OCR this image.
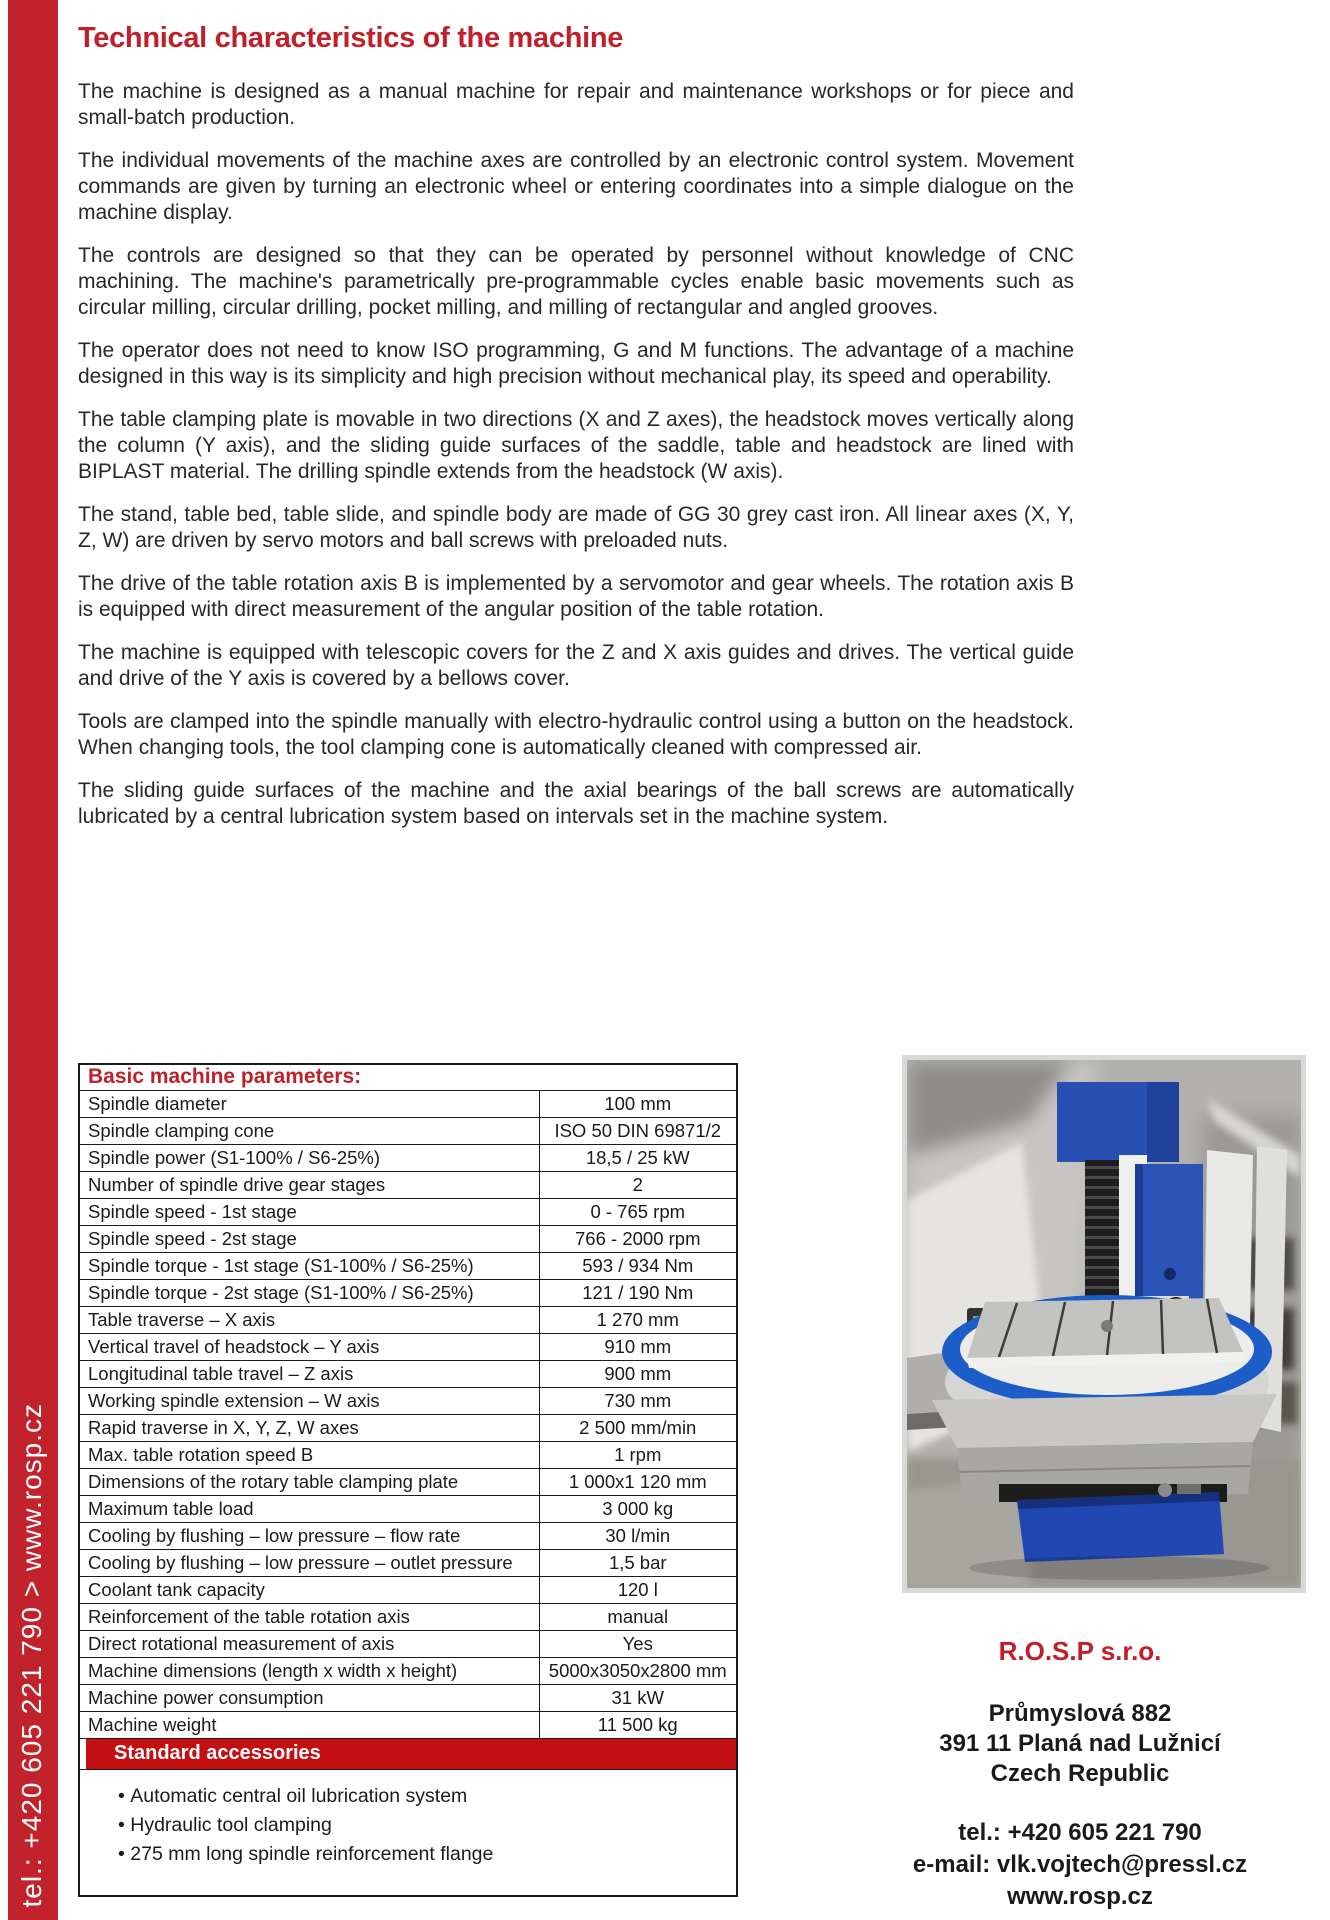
tel.: +420 605 221 790 > www.rosp.cz
Technical characteristics of the machine

The machine is designed as a manual machine for repair and maintenance workshops or for piece and small-batch production.

The individual movements of the machine axes are controlled by an electronic control system. Movement commands are given by turning an electronic wheel or entering coordinates into a simple dialogue on the machine display.

The controls are designed so that they can be operated by personnel without knowledge of CNC machining. The machine's parametrically pre-programmable cycles enable basic movements such as circular milling, circular drilling, pocket milling, and milling of rectangular and angled grooves.

The operator does not need to know ISO programming, G and M functions. The advantage of a machine designed in this way is its simplicity and high precision without mechanical play, its speed and operability.

The table clamping plate is movable in two directions (X and Z axes), the headstock moves vertically along the column (Y axis), and the sliding guide surfaces of the saddle, table and headstock are lined with BIPLAST material. The drilling spindle extends from the headstock (W axis).

The stand, table bed, table slide, and spindle body are made of GG 30 grey cast iron. All linear axes (X, Y, Z, W) are driven by servo motors and ball screws with preloaded nuts.

The drive of the table rotation axis B is implemented by a servomotor and gear wheels. The rotation axis B is equipped with direct measurement of the angular position of the table rotation.

The machine is equipped with telescopic covers for the Z and X axis guides and drives. The vertical guide and drive of the Y axis is covered by a bellows cover.

Tools are clamped into the spindle manually with electro-hydraulic control using a button on the headstock. When changing tools, the tool clamping cone is automatically cleaned with compressed air.

The sliding guide surfaces of the machine and the axial bearings of the ball screws are automatically lubricated by a central lubrication system based on intervals set in the machine system.

Basic machine parameters:	
Spindle diameter	100 mm
Spindle clamping cone	ISO 50 DIN 69871/2
Spindle power (S1-100% / S6-25%)	18,5 / 25 kW
Number of spindle drive gear stages	2
Spindle speed - 1st stage	0 - 765 rpm
Spindle speed - 2st stage	766 - 2000 rpm
Spindle torque - 1st stage (S1-100% / S6-25%)	593 / 934 Nm
Spindle torque - 2st stage (S1-100% / S6-25%)	121 / 190 Nm
Table traverse – X axis	1 270 mm
Vertical travel of headstock – Y axis	910 mm
Longitudinal table travel – Z axis	900 mm
Working spindle extension – W axis	730 mm
Rapid traverse in X, Y, Z, W axes	2 500 mm/min
Max. table rotation speed B	1 rpm
Dimensions of the rotary table clamping plate	1 000x1 120 mm
Maximum table load	3 000 kg
Cooling by flushing – low pressure – flow rate	30 l/min
Cooling by flushing – low pressure – outlet pressure	1,5 bar
Coolant tank capacity	120 l
Reinforcement of the table rotation axis	manual
Direct rotational measurement of axis	Yes
Machine dimensions (length x width x height)	5000x3050x2800 mm
Machine power consumption	31 kW
Machine weight	11 500 kg

Standard accessories	

• Automatic central oil lubrication system
• Hydraulic tool clamping
• 275 mm long spindle reinforcement flange
R.O.S.P s.r.o.
Průmyslová 882
391 11 Planá nad Lužnicí
Czech Republic
tel.: +420 605 221 790
e-mail: vlk.vojtech@pressl.cz
www.rosp.cz
